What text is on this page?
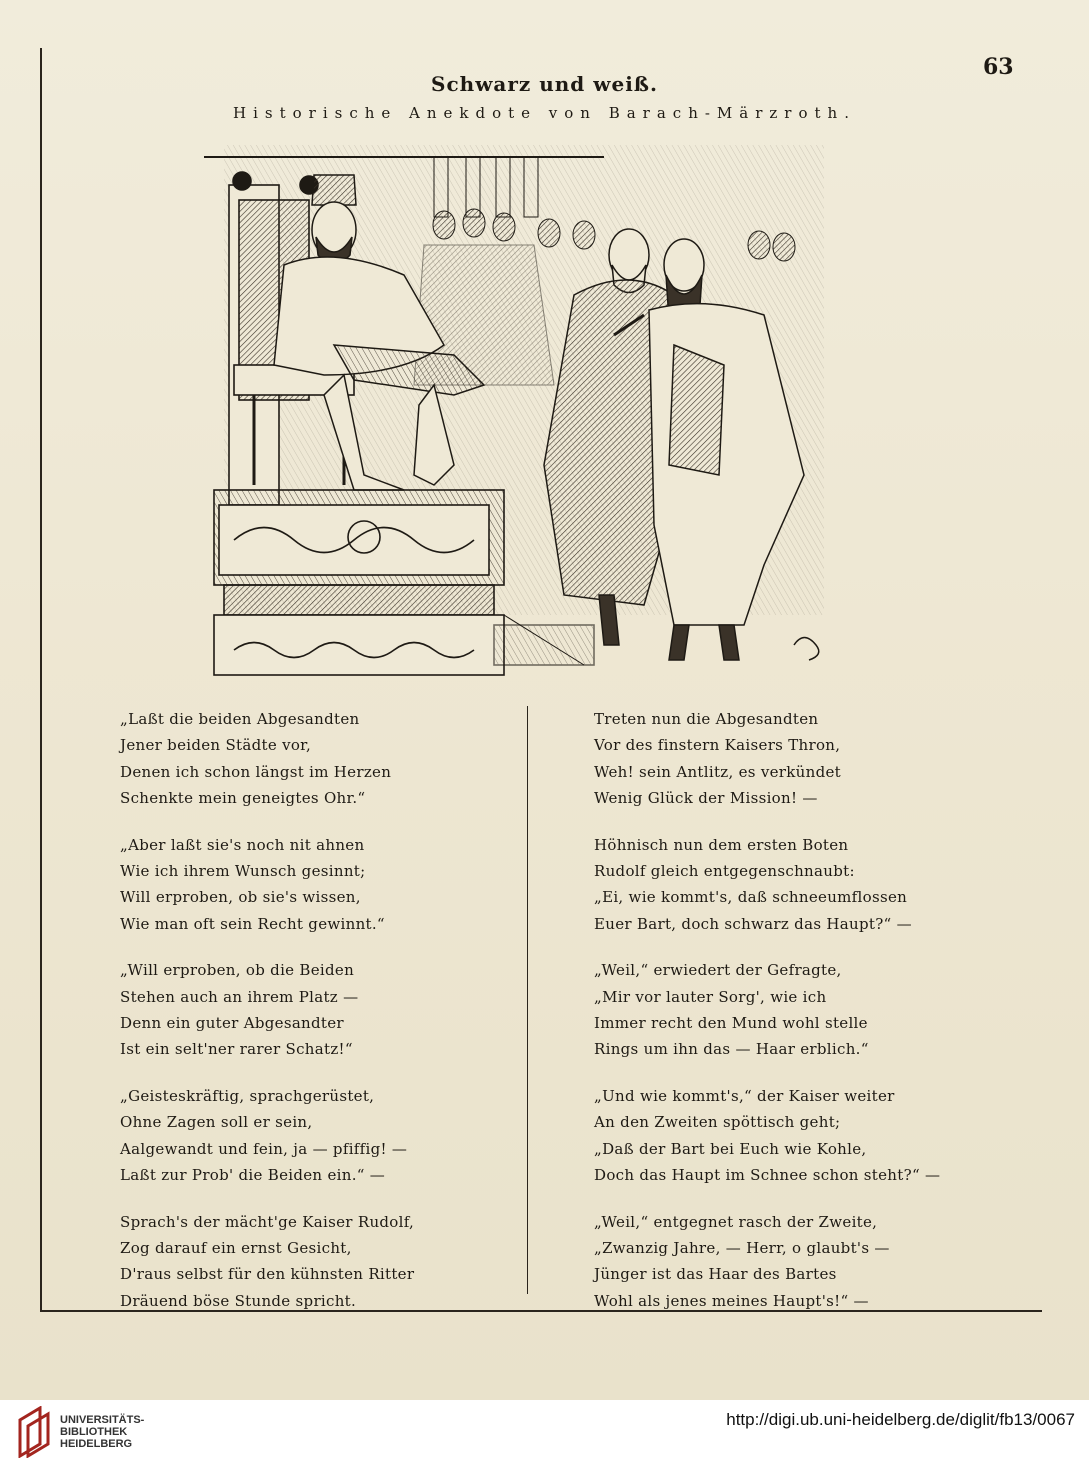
63
Schwarz und weiß.
Historische Anekdote von Barach-Märzroth.
„Laßt die beiden Abgesandten
Jener beiden Städte vor,
Denen ich schon längst im Herzen
Schenkte mein geneigtes Ohr.“
„Aber laßt sie's noch nit ahnen
Wie ich ihrem Wunsch gesinnt;
Will erproben, ob sie's wissen,
Wie man oft sein Recht gewinnt.“
„Will erproben, ob die Beiden
Stehen auch an ihrem Platz —
Denn ein guter Abgesandter
Ist ein selt'ner rarer Schatz!“
„Geisteskräftig, sprachgerüstet,
Ohne Zagen soll er sein,
Aalgewandt und fein, ja — pfiffig! —
Laßt zur Prob' die Beiden ein.“ —
Sprach's der mächt'ge Kaiser Rudolf,
Zog darauf ein ernst Gesicht,
D'raus selbst für den kühnsten Ritter
Dräuend böse Stunde spricht.
Treten nun die Abgesandten
Vor des finstern Kaisers Thron,
Weh! sein Antlitz, es verkündet
Wenig Glück der Mission! —
Höhnisch nun dem ersten Boten
Rudolf gleich entgegenschnaubt:
„Ei, wie kommt's, daß schneeumflossen
Euer Bart, doch schwarz das Haupt?“ —
„Weil,“ erwiedert der Gefragte,
„Mir vor lauter Sorg', wie ich
Immer recht den Mund wohl stelle
Rings um ihn das — Haar erblich.“
„Und wie kommt's,“ der Kaiser weiter
An den Zweiten spöttisch geht;
„Daß der Bart bei Euch wie Kohle,
Doch das Haupt im Schnee schon steht?“ —
„Weil,“ entgegnet rasch der Zweite,
„Zwanzig Jahre, — Herr, o glaubt's —
Jünger ist das Haar des Bartes
Wohl als jenes meines Haupt's!“ —
UNIVERSITÄTS-
BIBLIOTHEK
HEIDELBERG
http://digi.ub.uni-heidelberg.de/diglit/fb13/0067
